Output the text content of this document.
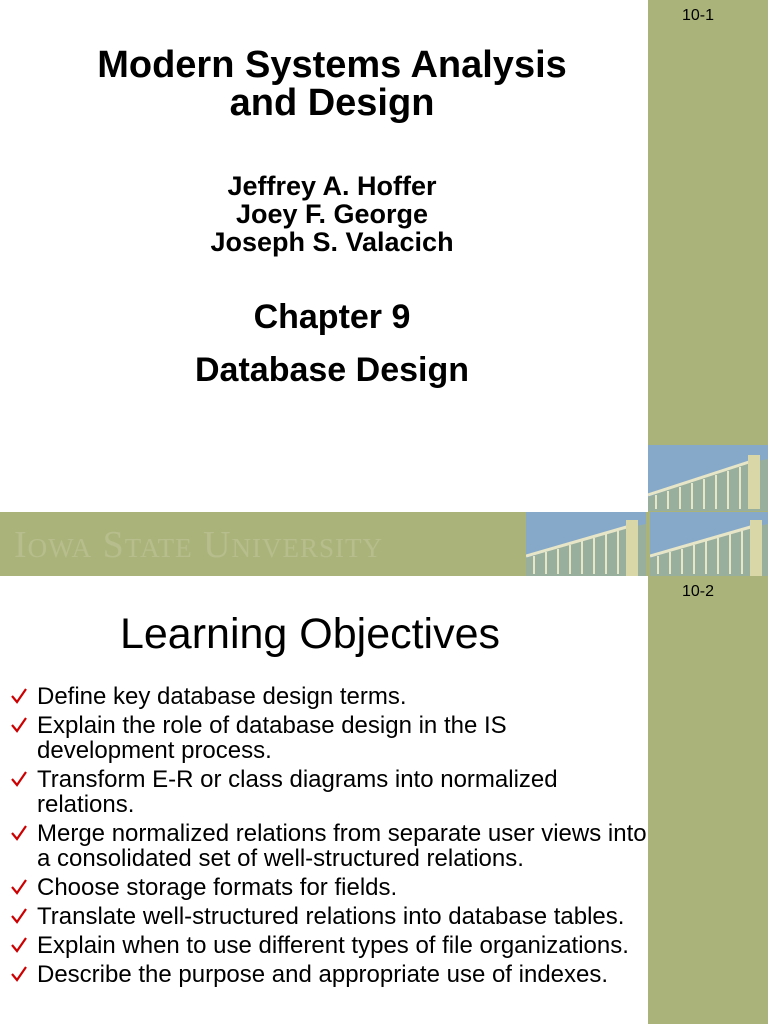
10-1
Modern Systems Analysis
and Design
Jeffrey A. Hoffer
Joey F. George
Joseph S. Valacich
Chapter 9
Database Design
Iowa State University
10-2
Learning Objectives
Define key database design terms.
Explain the role of database design in the IS development process.
Transform E-R or class diagrams into normalized relations.
Merge normalized relations from separate user views into a consolidated set of well-structured relations.
Choose storage formats for fields.
Translate well-structured relations into database tables.
Explain when to use different types of file organizations.
Describe the purpose and appropriate use of indexes.
